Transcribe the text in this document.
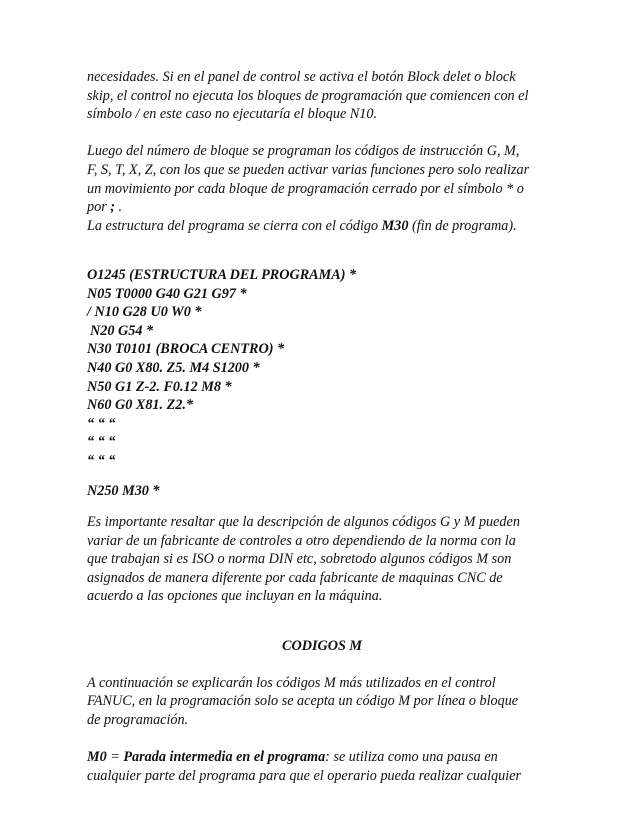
necesidades. Si en el panel de control se activa el botón Block delet o block
skip, el control no ejecuta los bloques de programación que comiencen con el
símbolo / en este caso no ejecutaría el bloque N10.
Luego del número de bloque se programan los códigos de instrucción G, M,
F, S, T, X, Z, con los que se pueden activar varias funciones pero solo realizar
un movimiento por cada bloque de programación cerrado por el símbolo * o
por ; .
La estructura del programa se cierra con el código M30 (fin de programa).
O1245 (ESTRUCTURA DEL PROGRAMA) *
N05 T0000 G40 G21 G97 *
/ N10 G28 U0 W0 *
N20 G54 *
N30 T0101 (BROCA CENTRO) *
N40 G0 X80. Z5. M4 S1200 *
N50 G1 Z-2. F0.12 M8 *
N60 G0 X81. Z2.*
“ “ “
“ “ “
“ “ “
N250 M30 *
Es importante resaltar que la descripción de algunos códigos G y M pueden
variar de un fabricante de controles a otro dependiendo de la norma con la
que trabajan si es ISO o norma DIN etc, sobretodo algunos códigos M son
asignados de manera diferente por cada fabricante de maquinas CNC de
acuerdo a las opciones que incluyan en la máquina.
CODIGOS M
A continuación se explicarán los códigos M más utilizados en el control
FANUC, en la programación solo se acepta un código M por línea o bloque
de programación.
M0 = Parada intermedia en el programa: se utiliza como una pausa en
cualquier parte del programa para que el operario pueda realizar cualquier
